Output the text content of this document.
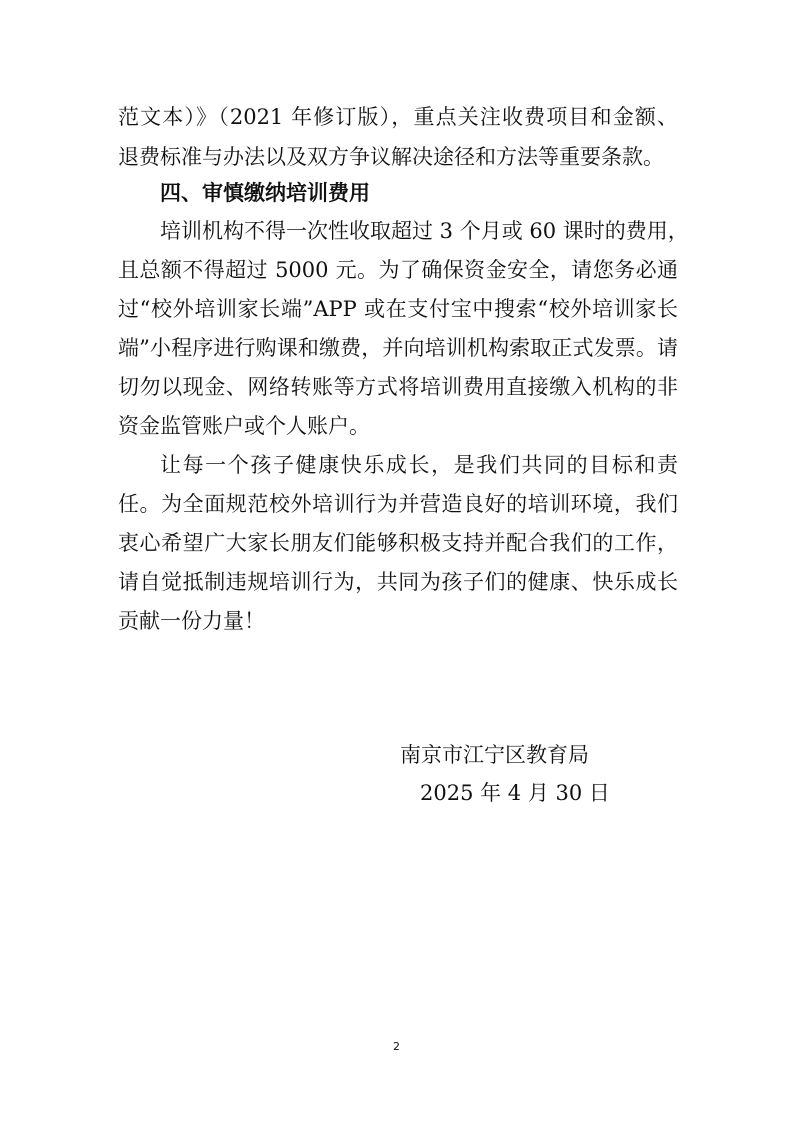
范文本）》（2021 年修订版），重点关注收费项目和金额、
退费标准与办法以及双方争议解决途径和方法等重要条款。
四、审慎缴纳培训费用
培训机构不得一次性收取超过 3 个月或 60 课时的费用，
且总额不得超过 5000 元。为了确保资金安全，请您务必通
过“校外培训家长端”APP 或在支付宝中搜索“校外培训家长
端”小程序进行购课和缴费，并向培训机构索取正式发票。请
切勿以现金、网络转账等方式将培训费用直接缴入机构的非
资金监管账户或个人账户。
让每一个孩子健康快乐成长，是我们共同的目标和责
任。为全面规范校外培训行为并营造良好的培训环境，我们
衷心希望广大家长朋友们能够积极支持并配合我们的工作，
请自觉抵制违规培训行为，共同为孩子们的健康、快乐成长
贡献一份力量！
南京市江宁区教育局
2025 年 4 月 30 日
2
